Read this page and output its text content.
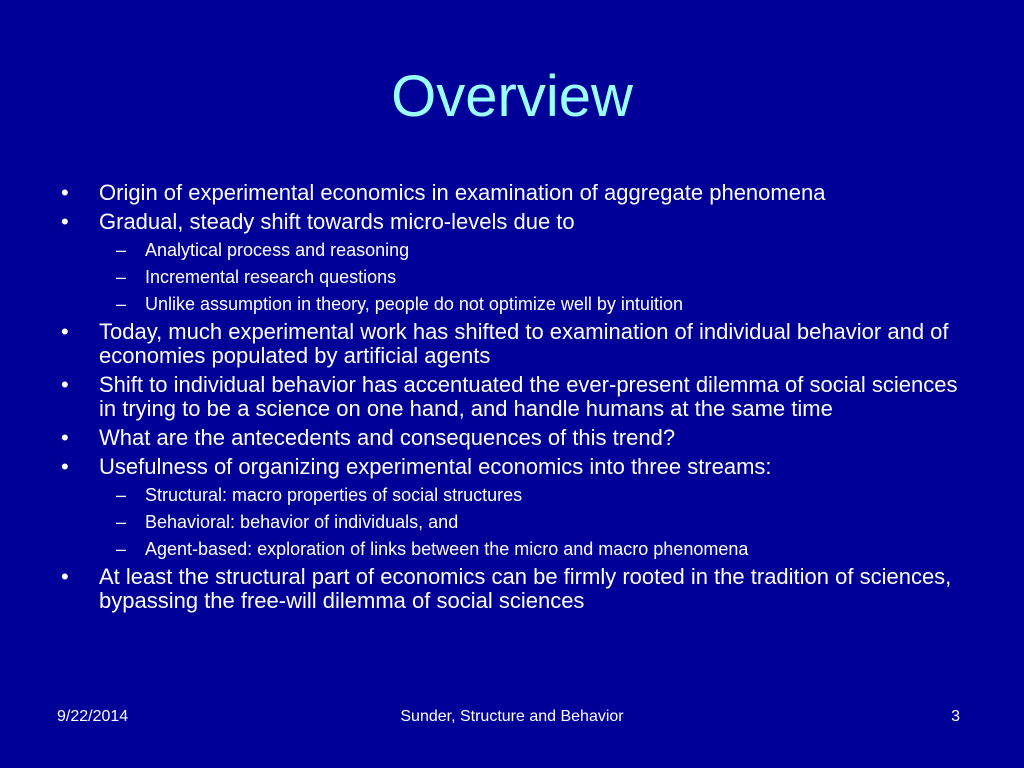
Overview
• Origin of experimental economics in examination of aggregate phenomena
• Gradual, steady shift towards micro-levels due to
– Analytical process and reasoning
– Incremental research questions
– Unlike assumption in theory, people do not optimize well by intuition
• Today, much experimental work has shifted to examination of individual behavior and of economies populated by artificial agents
• Shift to individual behavior has accentuated the ever-present dilemma of social sciences in trying to be a science on one hand, and handle humans at the same time
• What are the antecedents and consequences of this trend?
• Usefulness of organizing experimental economics into three streams:
– Structural: macro properties of social structures
– Behavioral: behavior of individuals, and
– Agent-based: exploration of links between the micro and macro phenomena
• At least the structural part of economics can be firmly rooted in the tradition of sciences, bypassing the free-will dilemma of social sciences
9/22/2014	Sunder, Structure and Behavior	3
